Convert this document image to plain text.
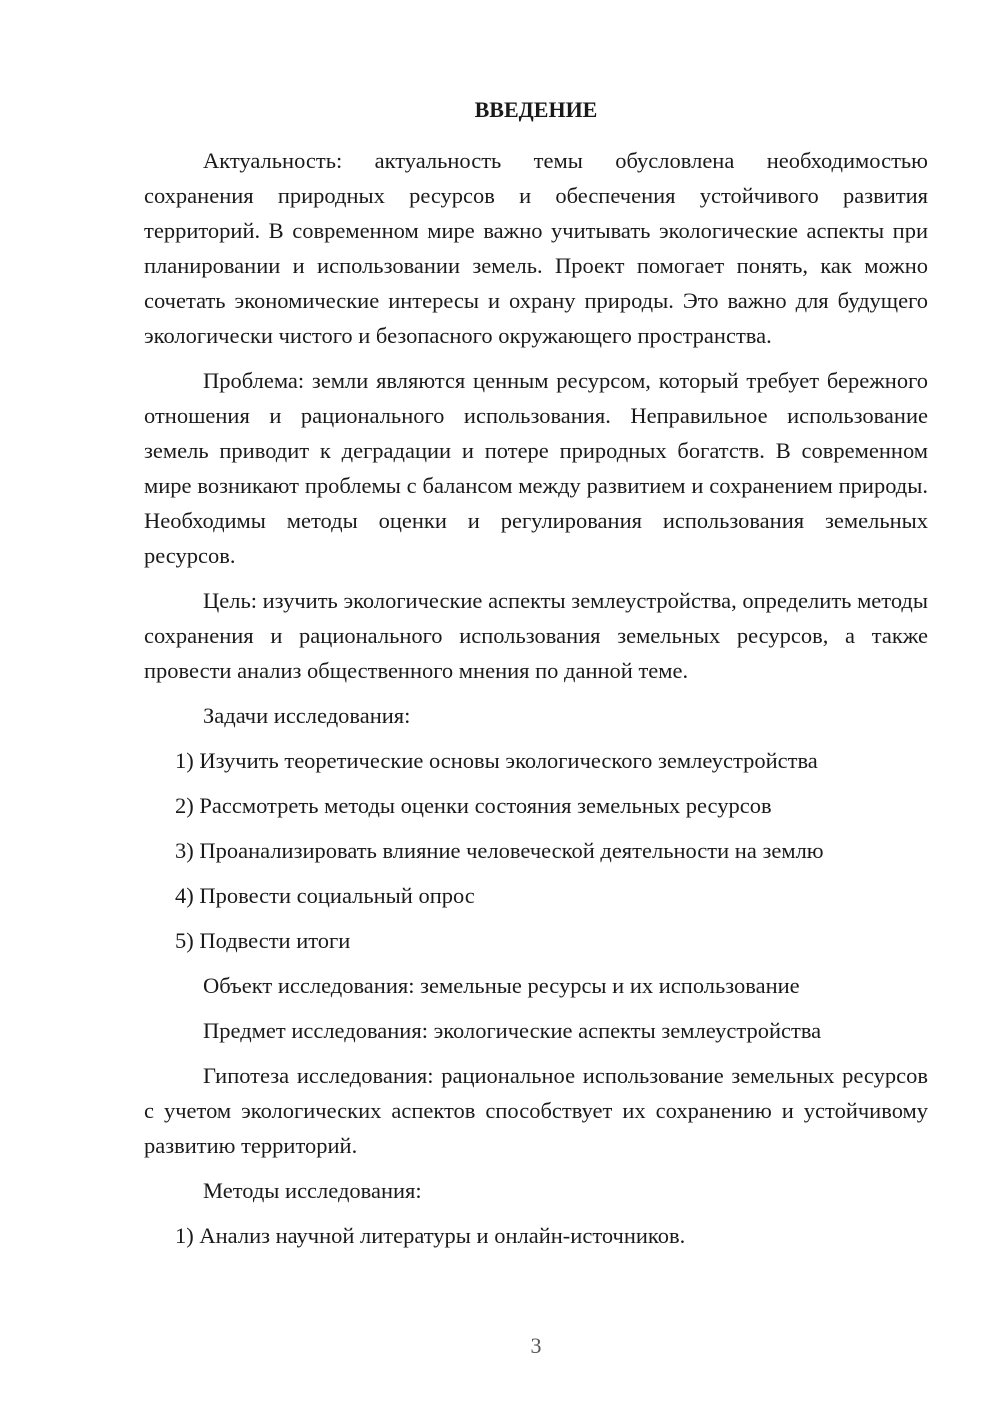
ВВЕДЕНИЕ
Актуальность: актуальность темы обусловлена необходимостью сохранения природных ресурсов и обеспечения устойчивого развития территорий. В современном мире важно учитывать экологические аспекты при планировании и использовании земель. Проект помогает понять, как можно сочетать экономические интересы и охрану природы. Это важно для будущего экологически чистого и безопасного окружающего пространства.
Проблема: земли являются ценным ресурсом, который требует бережного отношения и рационального использования. Неправильное использование земель приводит к деградации и потере природных богатств. В современном мире возникают проблемы с балансом между развитием и сохранением природы. Необходимы методы оценки и регулирования использования земельных ресурсов.
Цель: изучить экологические аспекты землеустройства, определить методы сохранения и рационального использования земельных ресурсов, а также провести анализ общественного мнения по данной теме.
Задачи исследования:
1) Изучить теоретические основы экологического землеустройства
2) Рассмотреть методы оценки состояния земельных ресурсов
3) Проанализировать влияние человеческой деятельности на землю
4) Провести социальный опрос
5) Подвести итоги
Объект исследования: земельные ресурсы и их использование
Предмет исследования: экологические аспекты землеустройства
Гипотеза исследования: рациональное использование земельных ресурсов с учетом экологических аспектов способствует их сохранению и устойчивому развитию территорий.
Методы исследования:
1) Анализ научной литературы и онлайн-источников.
3
